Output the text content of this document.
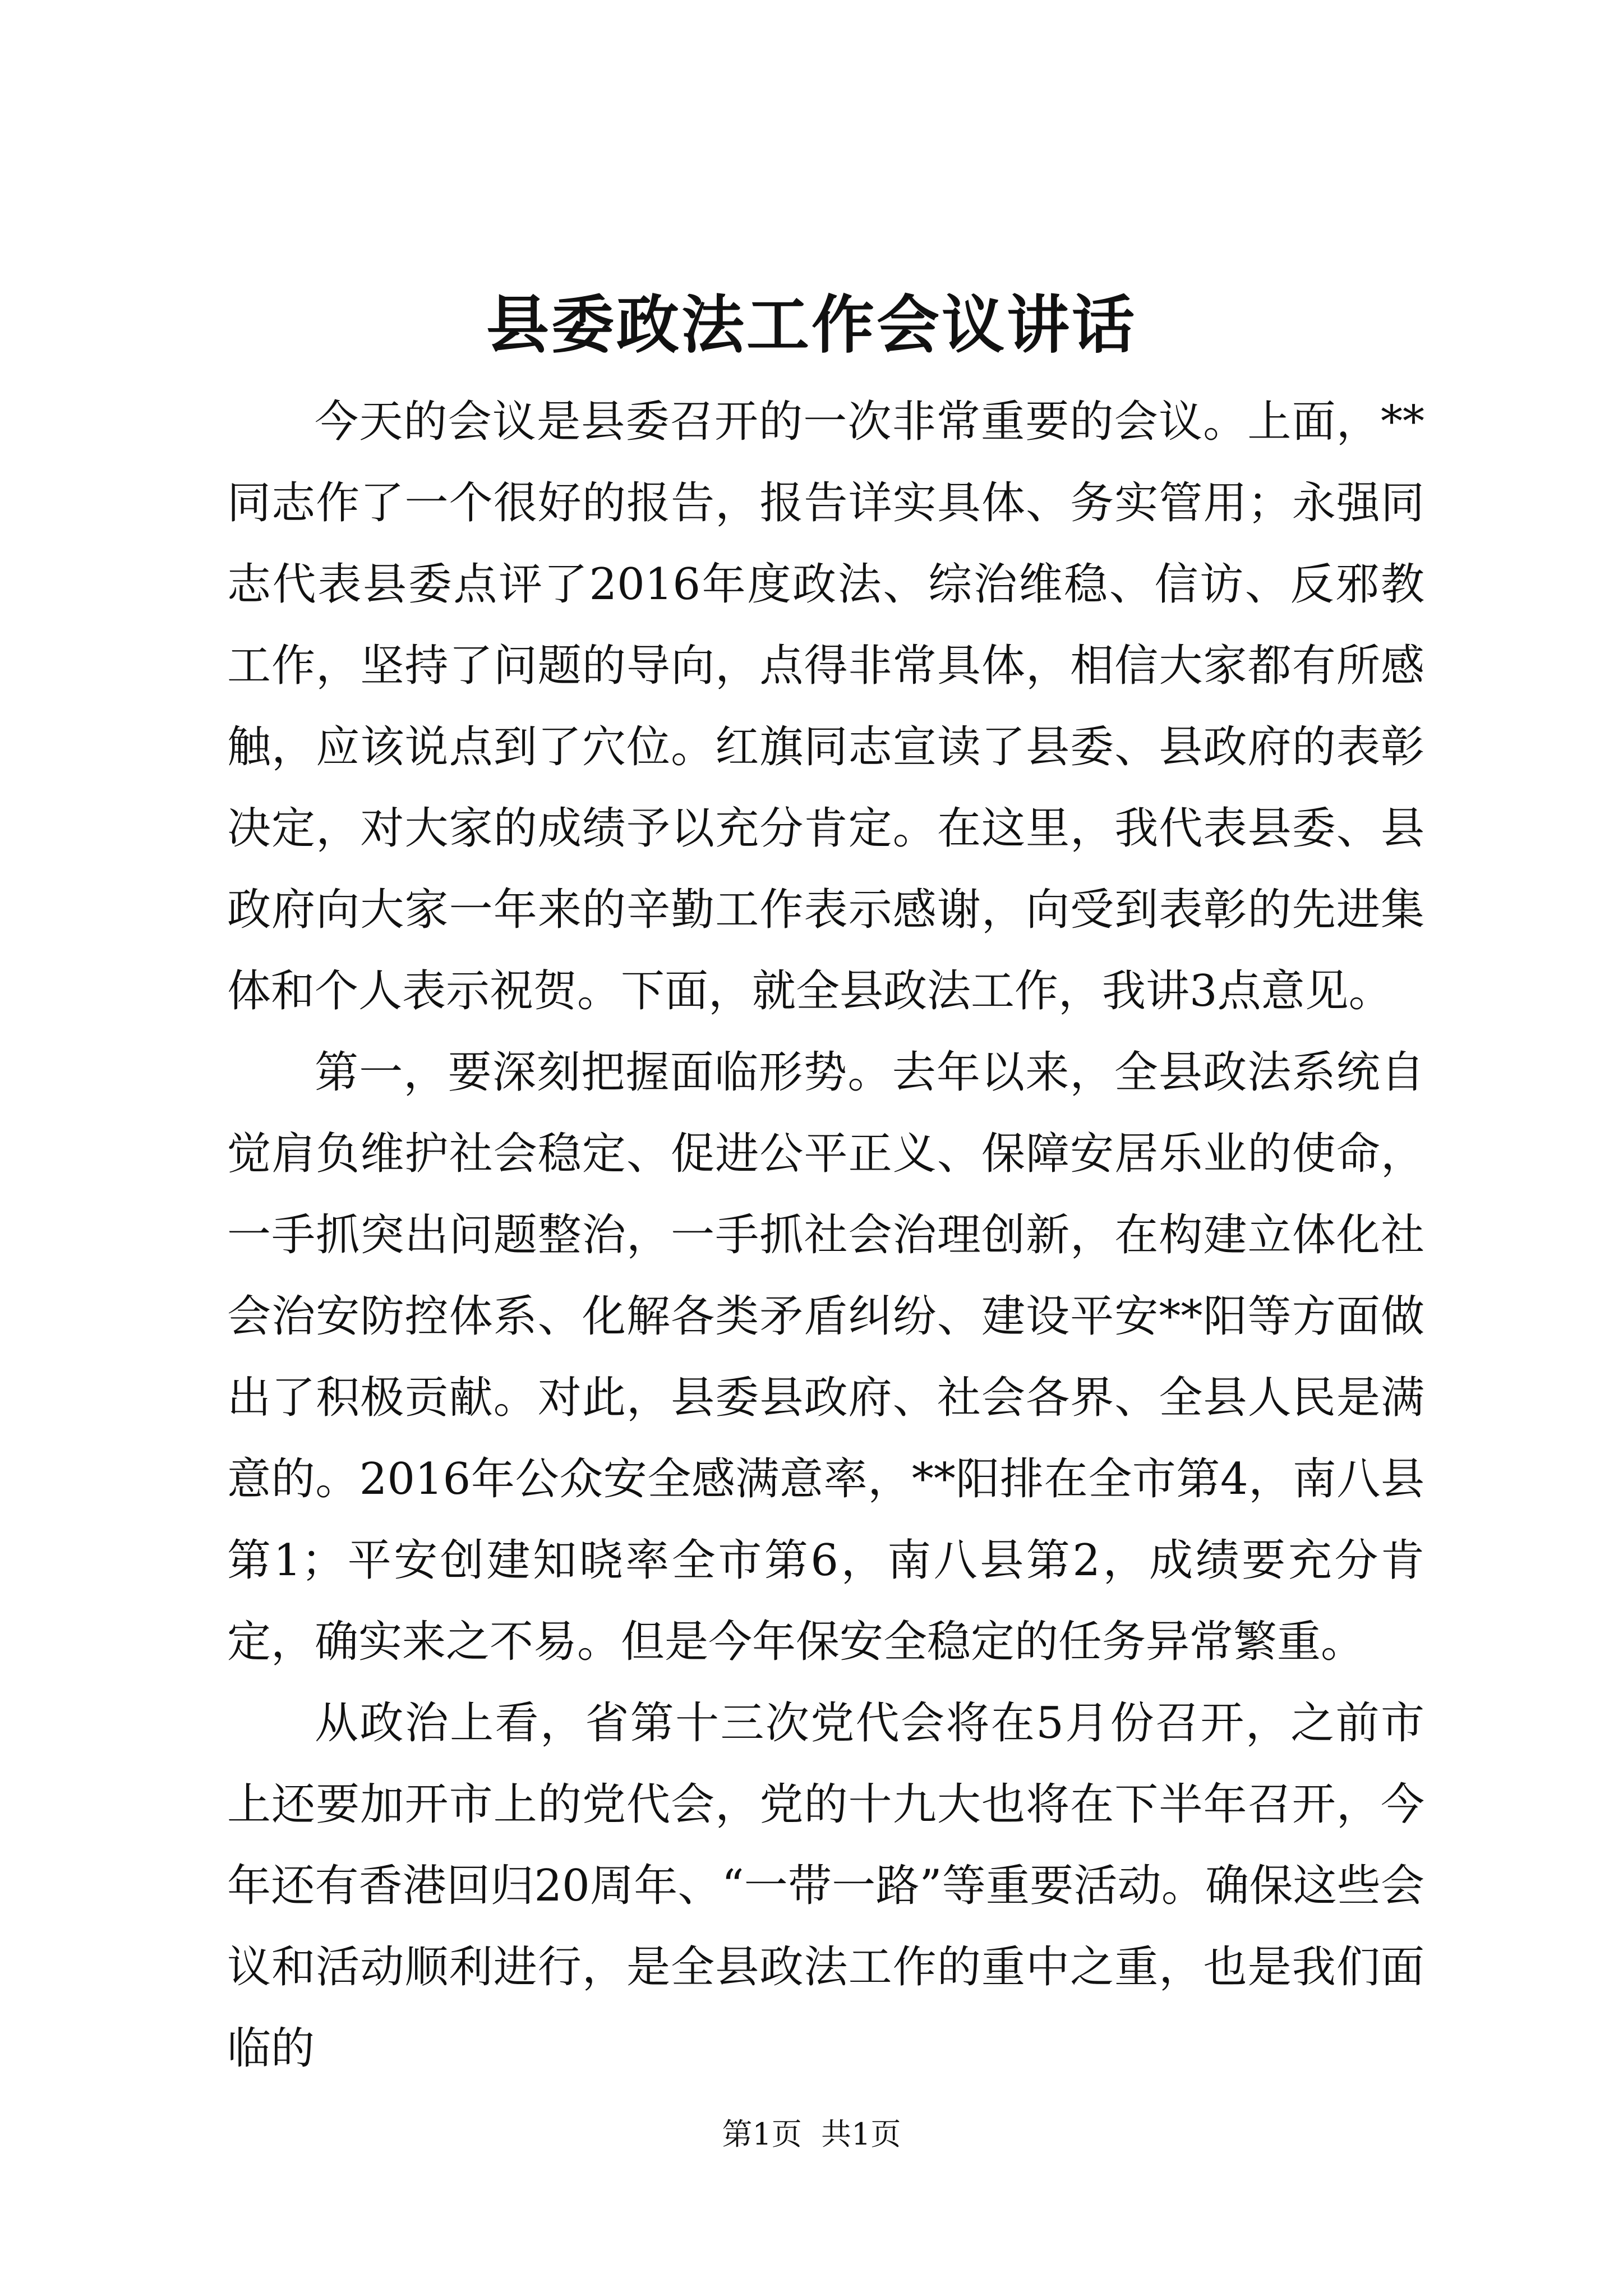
县委政法工作会议讲话

今天的会议是县委召开的一次非常重要的会议。上面，**同志作了一个很好的报告，报告详实具体、务实管用；永强同志代表县委点评了2016年度政法、综治维稳、信访、反邪教工作，坚持了问题的导向，点得非常具体，相信大家都有所感触，应该说点到了穴位。红旗同志宣读了县委、县政府的表彰决定，对大家的成绩予以充分肯定。在这里，我代表县委、县政府向大家一年来的辛勤工作表示感谢，向受到表彰的先进集体和个人表示祝贺。下面，就全县政法工作，我讲3点意见。

第一，要深刻把握面临形势。去年以来，全县政法系统自觉肩负维护社会稳定、促进公平正义、保障安居乐业的使命，一手抓突出问题整治，一手抓社会治理创新，在构建立体化社会治安防控体系、化解各类矛盾纠纷、建设平安**阳等方面做出了积极贡献。对此，县委县政府、社会各界、全县人民是满意的。2016年公众安全感满意率，**阳排在全市第4，南八县第1；平安创建知晓率全市第6，南八县第2，成绩要充分肯定，确实来之不易。但是今年保安全稳定的任务异常繁重。

从政治上看，省第十三次党代会将在5月份召开，之前市上还要加开市上的党代会，党的十九大也将在下半年召开，今年还有香港回归20周年、“一带一路”等重要活动。确保这些会议和活动顺利进行，是全县政法工作的重中之重，也是我们面临的

第1页  共1页
